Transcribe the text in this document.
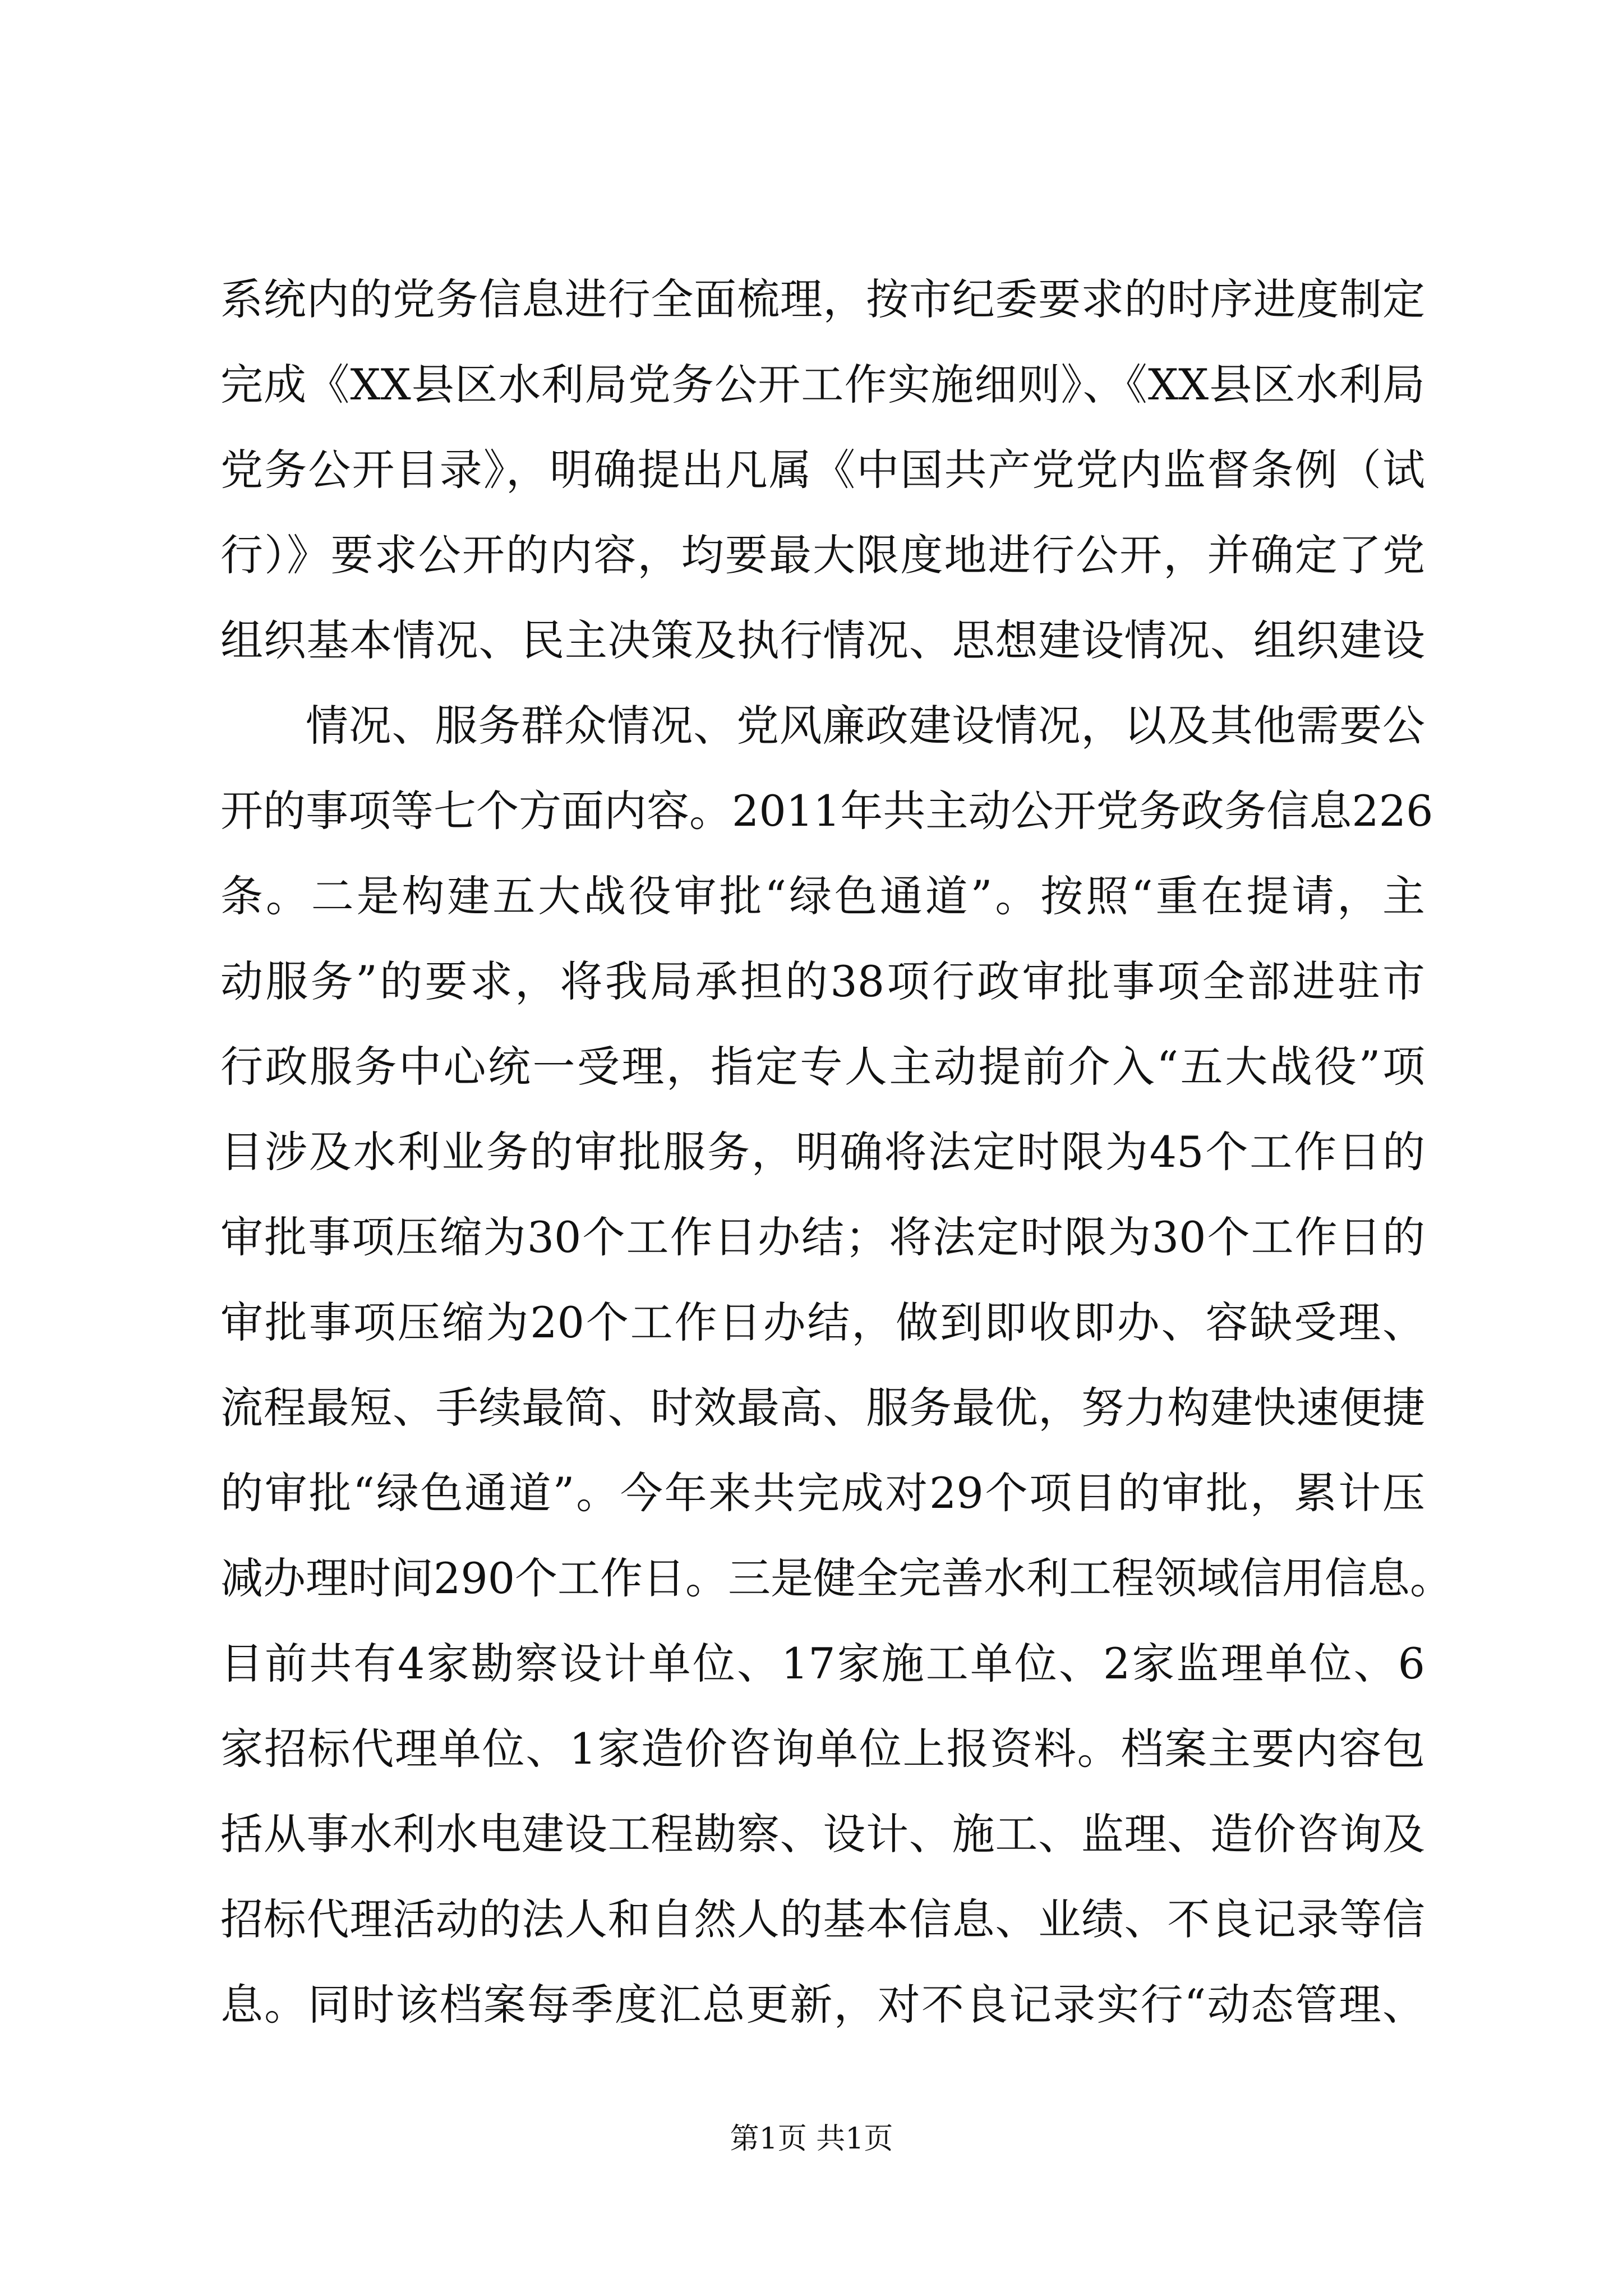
系统内的党务信息进行全面梳理，按市纪委要求的时序进度制定
完成《XX县区水利局党务公开工作实施细则》、《XX县区水利局
党务公开目录》，明确提出凡属《中国共产党党内监督条例（试
行）》要求公开的内容，均要最大限度地进行公开，并确定了党
组织基本情况、民主决策及执行情况、思想建设情况、组织建设
情况、服务群众情况、党风廉政建设情况，以及其他需要公
开的事项等七个方面内容。2011年共主动公开党务政务信息226
条。二是构建五大战役审批“绿色通道”。按照“重在提请，主
动服务”的要求，将我局承担的38项行政审批事项全部进驻市
行政服务中心统一受理，指定专人主动提前介入“五大战役”项
目涉及水利业务的审批服务，明确将法定时限为45个工作日的
审批事项压缩为30个工作日办结；将法定时限为30个工作日的
审批事项压缩为20个工作日办结，做到即收即办、容缺受理、
流程最短、手续最简、时效最高、服务最优，努力构建快速便捷
的审批“绿色通道”。今年来共完成对29个项目的审批，累计压
减办理时间290个工作日。三是健全完善水利工程领域信用信息。
目前共有4家勘察设计单位、17家施工单位、2家监理单位、6
家招标代理单位、1家造价咨询单位上报资料。档案主要内容包
括从事水利水电建设工程勘察、设计、施工、监理、造价咨询及
招标代理活动的法人和自然人的基本信息、业绩、不良记录等信
息。同时该档案每季度汇总更新，对不良记录实行“动态管理、
第1页 共1页
